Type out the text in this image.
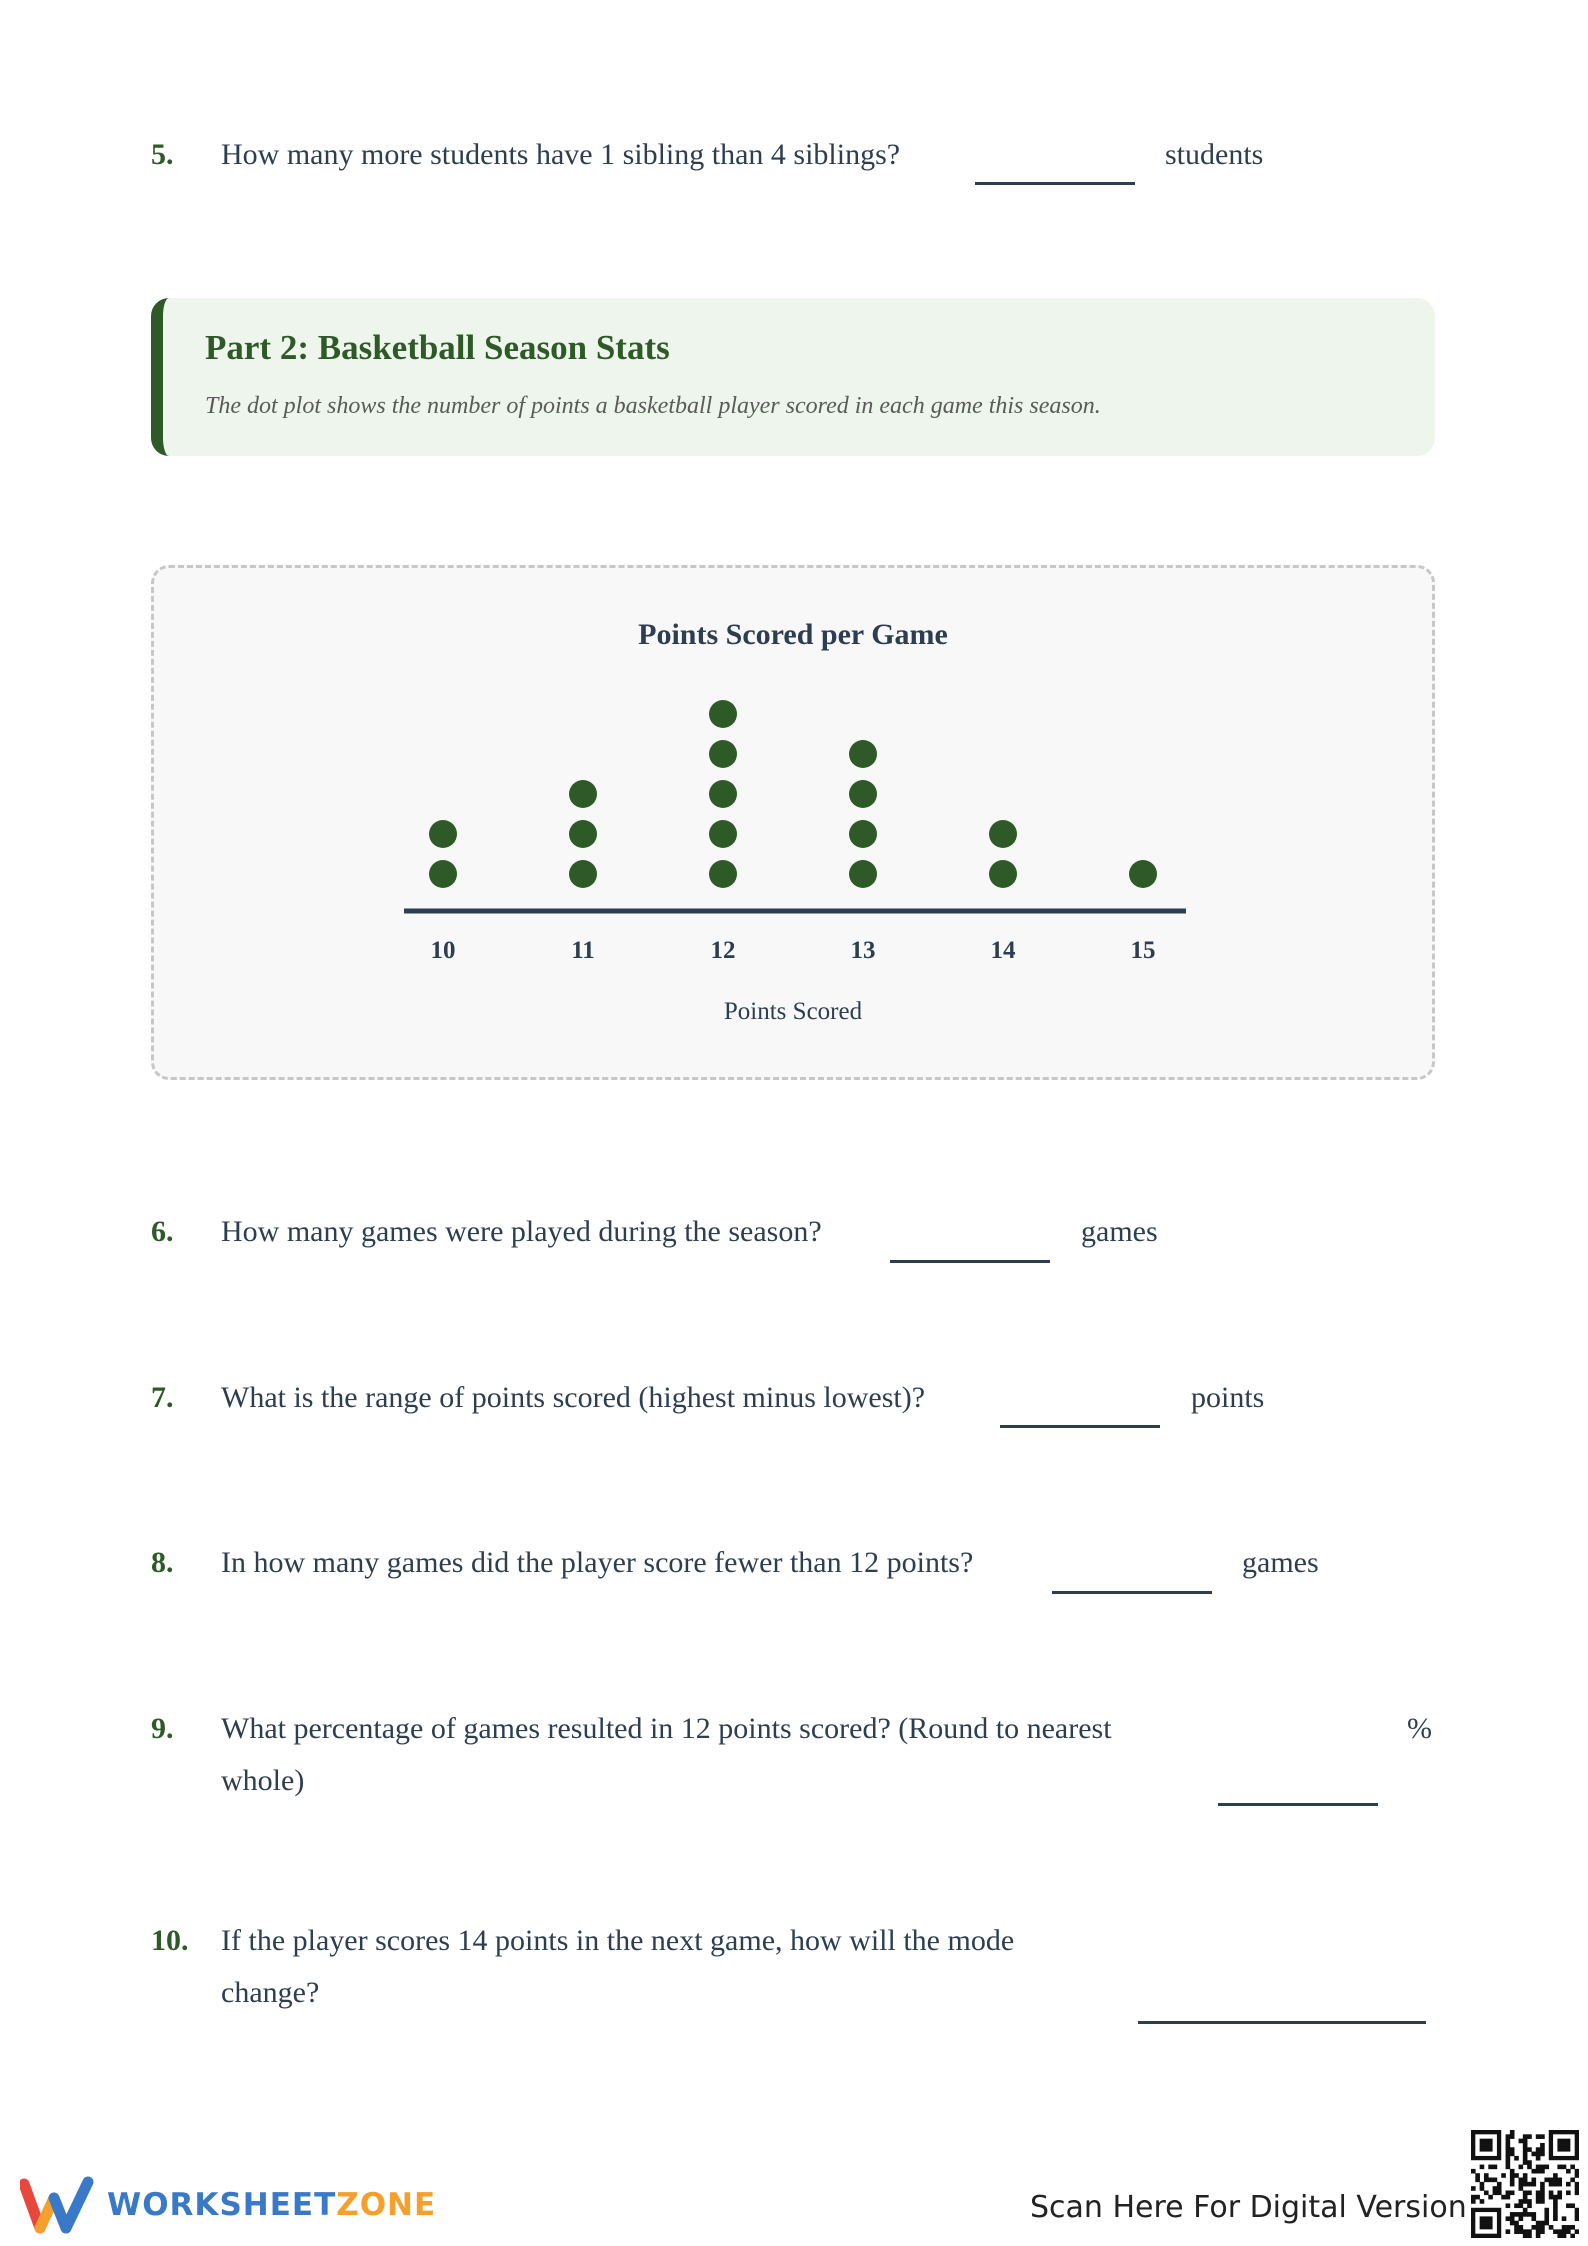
5. How many more students have 1 sibling than 4 siblings?	students
Part 2: Basketball Season Stats
The dot plot shows the number of points a basketball player scored in each game this season.
Points Scored per Game
10	11	12	13	14	15
Points Scored
6. How many games were played during the season?	games
7. What is the range of points scored (highest minus lowest)?	points
8. In how many games did the player score fewer than 12 points?	games
9. What percentage of games resulted in 12 points scored? (Round to nearest
whole)
%
10. If the player scores 14 points in the next game, how will the mode
change?
WORKSHEETZONE	Scan Here For Digital Version
